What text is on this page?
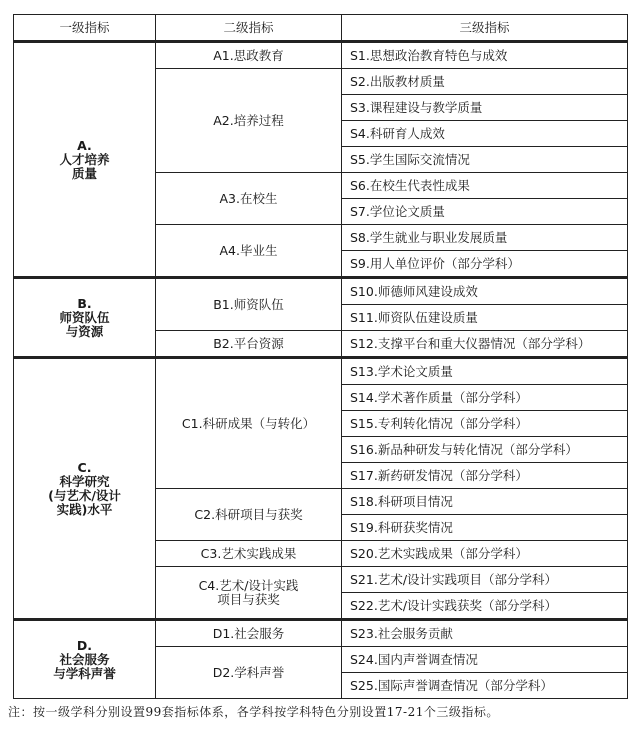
一级指标	二级指标	三级指标
A.
人才培养
质量	A1.思政教育	S1.思想政治教育特色与成效
	A2.培养过程	S2.出版教材质量
		S3.课程建设与教学质量
		S4.科研育人成效
		S5.学生国际交流情况
	A3.在校生	S6.在校生代表性成果
		S7.学位论文质量
	A4.毕业生	S8.学生就业与职业发展质量
		S9.用人单位评价（部分学科）
B.
师资队伍
与资源	B1.师资队伍	S10.师德师风建设成效
		S11.师资队伍建设质量
	B2.平台资源	S12.支撑平台和重大仪器情况（部分学科）
C.
科学研究
(与艺术/设计
实践)水平	C1.科研成果（与转化）	S13.学术论文质量
		S14.学术著作质量（部分学科）
		S15.专利转化情况（部分学科）
		S16.新品种研发与转化情况（部分学科）
		S17.新药研发情况（部分学科）
	C2.科研项目与获奖	S18.科研项目情况
		S19.科研获奖情况
	C3.艺术实践成果	S20.艺术实践成果（部分学科）
	C4.艺术/设计实践
项目与获奖	S21.艺术/设计实践项目（部分学科）
		S22.艺术/设计实践获奖（部分学科）
D.
社会服务
与学科声誉	D1.社会服务	S23.社会服务贡献
	D2.学科声誉	S24.国内声誉调查情况
		S25.国际声誉调查情况（部分学科）
注：按一级学科分别设置99套指标体系，各学科按学科特色分别设置17-21个三级指标。
